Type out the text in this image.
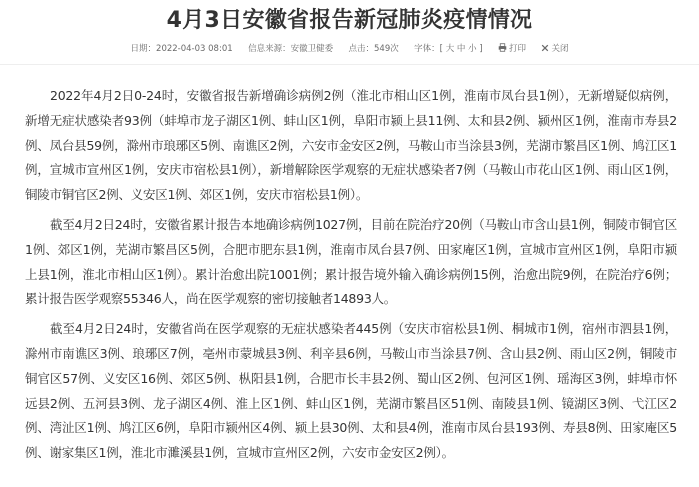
4月3日安徽省报告新冠肺炎疫情情况
日期：2022-04-03 08:01 信息来源：安徽卫健委 点击：549次 字体：[ 大 中 小 ]	打印	关闭

2022年4月2日0-24时，安徽省报告新增确诊病例2例（淮北市相山区1例，淮南市凤台县1例），无新增疑似病例，新增无症状感染者93例（蚌埠市龙子湖区1例、蚌山区1例，阜阳市颍上县11例、太和县2例、颍州区1例，淮南市寿县2例、凤台县59例，滁州市琅琊区5例、南谯区2例，六安市金安区2例，马鞍山市当涂县3例，芜湖市繁昌区1例、鸠江区1例，宣城市宣州区1例，安庆市宿松县1例），新增解除医学观察的无症状感染者7例（马鞍山市花山区1例、雨山区1例，铜陵市铜官区2例、义安区1例、郊区1例，安庆市宿松县1例）。

截至4月2日24时，安徽省累计报告本地确诊病例1027例，目前在院治疗20例（马鞍山市含山县1例，铜陵市铜官区1例、郊区1例，芜湖市繁昌区5例，合肥市肥东县1例，淮南市凤台县7例、田家庵区1例，宣城市宣州区1例，阜阳市颍上县1例，淮北市相山区1例）。累计治愈出院1001例；累计报告境外输入确诊病例15例，治愈出院9例，在院治疗6例；累计报告医学观察55346人，尚在医学观察的密切接触者14893人。

截至4月2日24时，安徽省尚在医学观察的无症状感染者445例（安庆市宿松县1例、桐城市1例，宿州市泗县1例，滁州市南谯区3例、琅琊区7例，亳州市蒙城县3例、利辛县6例，马鞍山市当涂县7例、含山县2例、雨山区2例，铜陵市铜官区57例、义安区16例、郊区5例、枞阳县1例，合肥市长丰县2例、蜀山区2例、包河区1例、瑶海区3例，蚌埠市怀远县2例、五河县3例、龙子湖区4例、淮上区1例、蚌山区1例，芜湖市繁昌区51例、南陵县1例、镜湖区3例、弋江区2例、湾沚区1例、鸠江区6例，阜阳市颍州区4例、颍上县30例、太和县4例，淮南市凤台县193例、寿县8例、田家庵区5例、谢家集区1例，淮北市濉溪县1例，宣城市宣州区2例，六安市金安区2例）。
